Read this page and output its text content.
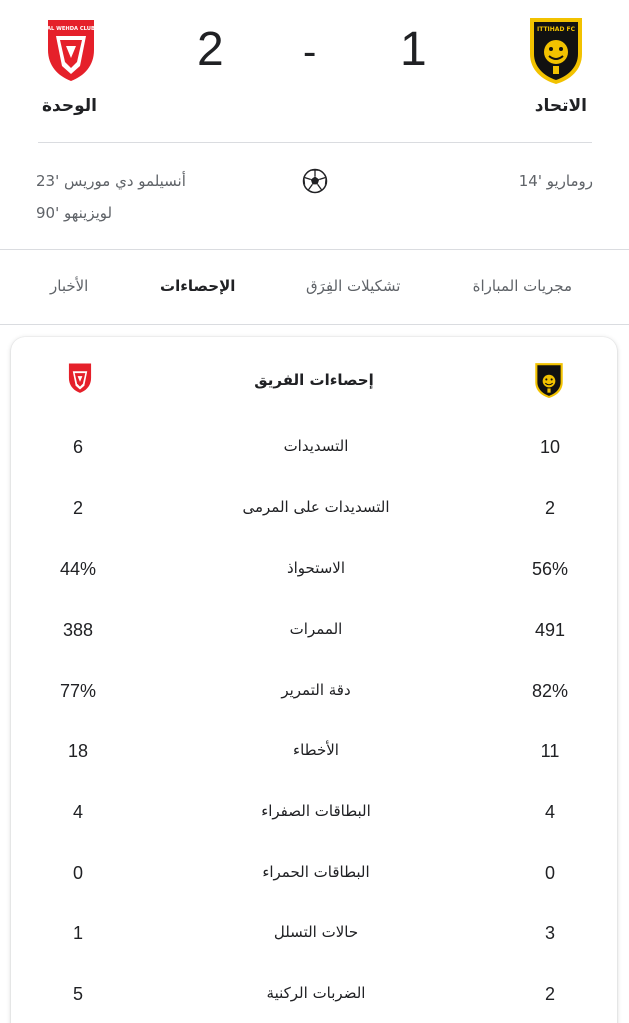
ITTIHAD FC
AL WEHDA CLUB	1
-
2
الاتحاد
الوحدة
روماريو '14
أنسيلمو دي موريس '23
لويزينهو '90
مجريات المباراة
تشكيلات الفِرَق
الإحصاءات
الأخبار
إحصاءات الفريق
10
التسديدات
6
2
التسديدات على المرمى
2
56%
الاستحواذ
44%
491
الممرات
388
82%
دقة التمرير
77%
11
الأخطاء
18
4
البطاقات الصفراء
4
0
البطاقات الحمراء
0
3
حالات التسلل
1
2
الضربات الركنية
5
